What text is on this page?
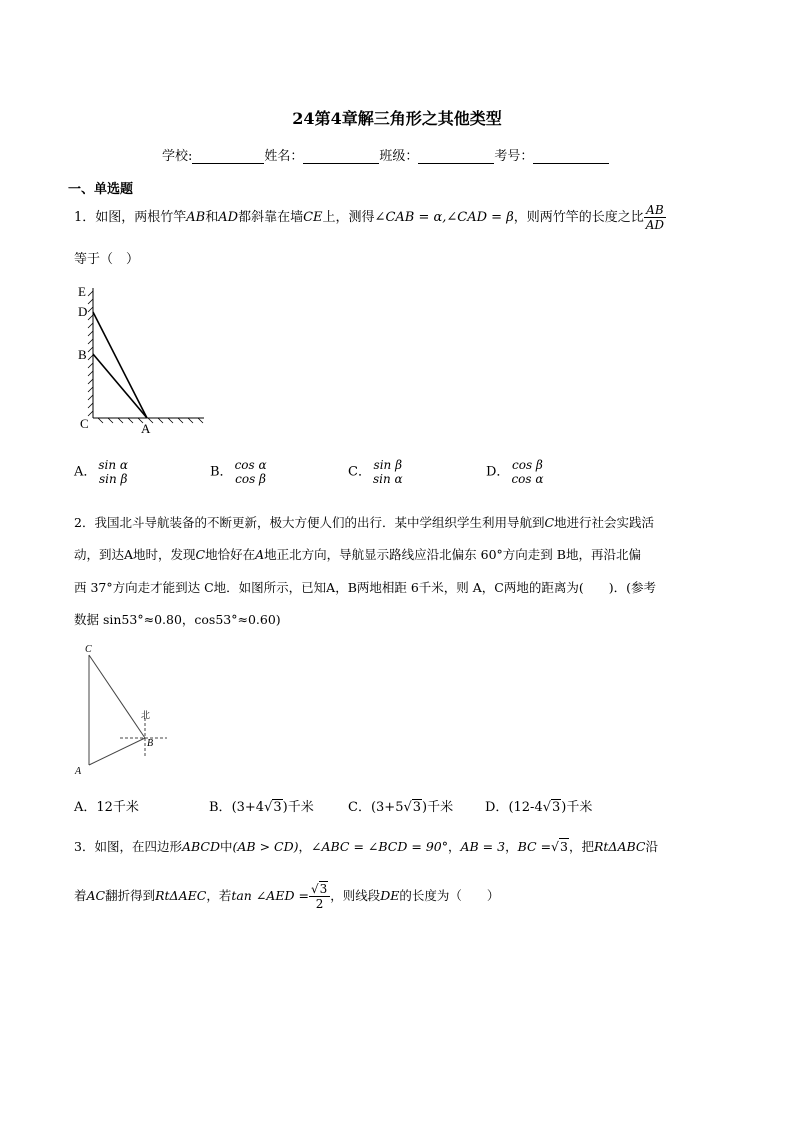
24第4章解三角形之其他类型
学校:	姓名：	班级：	考号：
一、单选题
1．如图，两根竹竿AB和AD都斜靠在墙CE上，测得∠CAB = α,∠CAD = β，则两竹竿的长度之比 $\frac{AB}{AD}$
等于（　）
E
D
B
C	A
A． sin α
sin β	B． cos α
cos β	C． sin β
sin α	D． cos β
cos α
2．我国北斗导航装备的不断更新，极大方便人们的出行．某中学组织学生利用导航到C地进行社会实践活
动，到达A地时，发现C地恰好在A地正北方向，导航显示路线应沿北偏东 60°方向走到 B地，再沿北偏
西 37°方向走才能到达 C地．如图所示，已知A，B两地相距 6千米，则 A，C两地的距离为(　　)．(参考
数据 sin53°≈0.80，cos53°≈0.60)
C
北
B
A
A．12千米	B．(3+4√3)千米	C．(3+5√3)千米 D．(12-4√3)千米
3．如图，在四边形ABCD中(AB > CD)，∠ABC = ∠BCD = 90°，AB = 3，BC =√3，把RtΔABC沿
着AC翻折得到RtΔAEC，若tan ∠AED = $\frac{√3}{2}$ ，则线段DE的长度为（　　）
